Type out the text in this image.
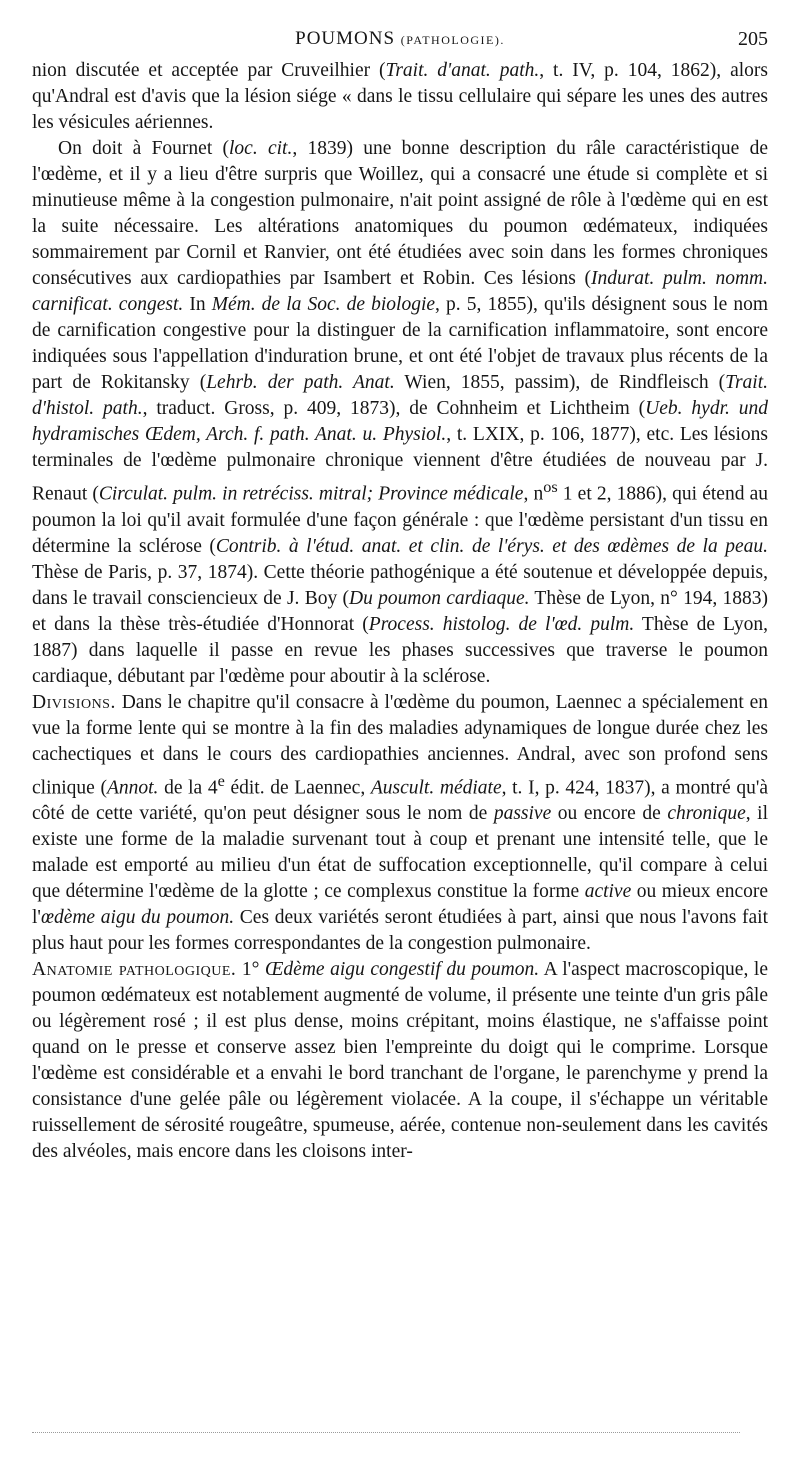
POUMONS (PATHOLOGIE).	205

nion discutée et acceptée par Cruveilhier (Trait. d'anat. path., t. IV, p. 104, 1862), alors qu'Andral est d'avis que la lésion siége « dans le tissu cellulaire qui sépare les unes des autres les vésicules aériennes.

On doit à Fournet (loc. cit., 1839) une bonne description du râle caractéristique de l'œdème, et il y a lieu d'être surpris que Woillez, qui a consacré une étude si complète et si minutieuse même à la congestion pulmonaire, n'ait point assigné de rôle à l'œdème qui en est la suite nécessaire. Les altérations anatomiques du poumon œdémateux, indiquées sommairement par Cornil et Ranvier, ont été étudiées avec soin dans les formes chroniques consécutives aux cardiopathies par Isambert et Robin. Ces lésions (Indurat. pulm. nomm. carnificat. congest. In Mém. de la Soc. de biologie, p. 5, 1855), qu'ils désignent sous le nom de carnification congestive pour la distinguer de la carnification inflammatoire, sont encore indiquées sous l'appellation d'induration brune, et ont été l'objet de travaux plus récents de la part de Rokitansky (Lehrb. der path. Anat. Wien, 1855, passim), de Rindfleisch (Trait. d'histol. path., traduct. Gross, p. 409, 1873), de Cohnheim et Lichtheim (Ueb. hydr. und hydramisches Œdem, Arch. f. path. Anat. u. Physiol., t. LXIX, p. 106, 1877), etc. Les lésions terminales de l'œdème pulmonaire chronique viennent d'être étudiées de nouveau par J. Renaut (Circulat. pulm. in retréciss. mitral; Province médicale, $n^{os}$ 1 et 2, 1886), qui étend au poumon la loi qu'il avait formulée d'une façon générale : que l'œdème persistant d'un tissu en détermine la sclérose (Contrib. à l'étud. anat. et clin. de l'érys. et des œdèmes de la peau. Thèse de Paris, p. 37, 1874). Cette théorie pathogénique a été soutenue et développée depuis, dans le travail consciencieux de J. Boy (Du poumon cardiaque. Thèse de Lyon, n° 194, 1883) et dans la thèse très-étudiée d'Honnorat (Process. histolog. de l'œd. pulm. Thèse de Lyon, 1887) dans laquelle il passe en revue les phases successives que traverse le poumon cardiaque, débutant par l'œdème pour aboutir à la sclérose.

Divisions. Dans le chapitre qu'il consacre à l'œdème du poumon, Laennec a spécialement en vue la forme lente qui se montre à la fin des maladies adynamiques de longue durée chez les cachectiques et dans le cours des cardiopathies anciennes. Andral, avec son profond sens clinique (Annot. de la 4e édit. de Laennec, Auscult. médiate, t. I, p. 424, 1837), a montré qu'à côté de cette variété, qu'on peut désigner sous le nom de passive ou encore de chronique, il existe une forme de la maladie survenant tout à coup et prenant une intensité telle, que le malade est emporté au milieu d'un état de suffocation exceptionnelle, qu'il compare à celui que détermine l'œdème de la glotte ; ce complexus constitue la forme active ou mieux encore l'œdème aigu du poumon. Ces deux variétés seront étudiées à part, ainsi que nous l'avons fait plus haut pour les formes correspondantes de la congestion pulmonaire.

Anatomie pathologique. 1° Œdème aigu congestif du poumon. A l'aspect macroscopique, le poumon œdémateux est notablement augmenté de volume, il présente une teinte d'un gris pâle ou légèrement rosé ; il est plus dense, moins crépitant, moins élastique, ne s'affaisse point quand on le presse et conserve assez bien l'empreinte du doigt qui le comprime. Lorsque l'œdème est considérable et a envahi le bord tranchant de l'organe, le parenchyme y prend la consistance d'une gelée pâle ou légèrement violacée. A la coupe, il s'échappe un véritable ruissellement de sérosité rougeâtre, spumeuse, aérée, contenue non-seulement dans les cavités des alvéoles, mais encore dans les cloisons inter-
